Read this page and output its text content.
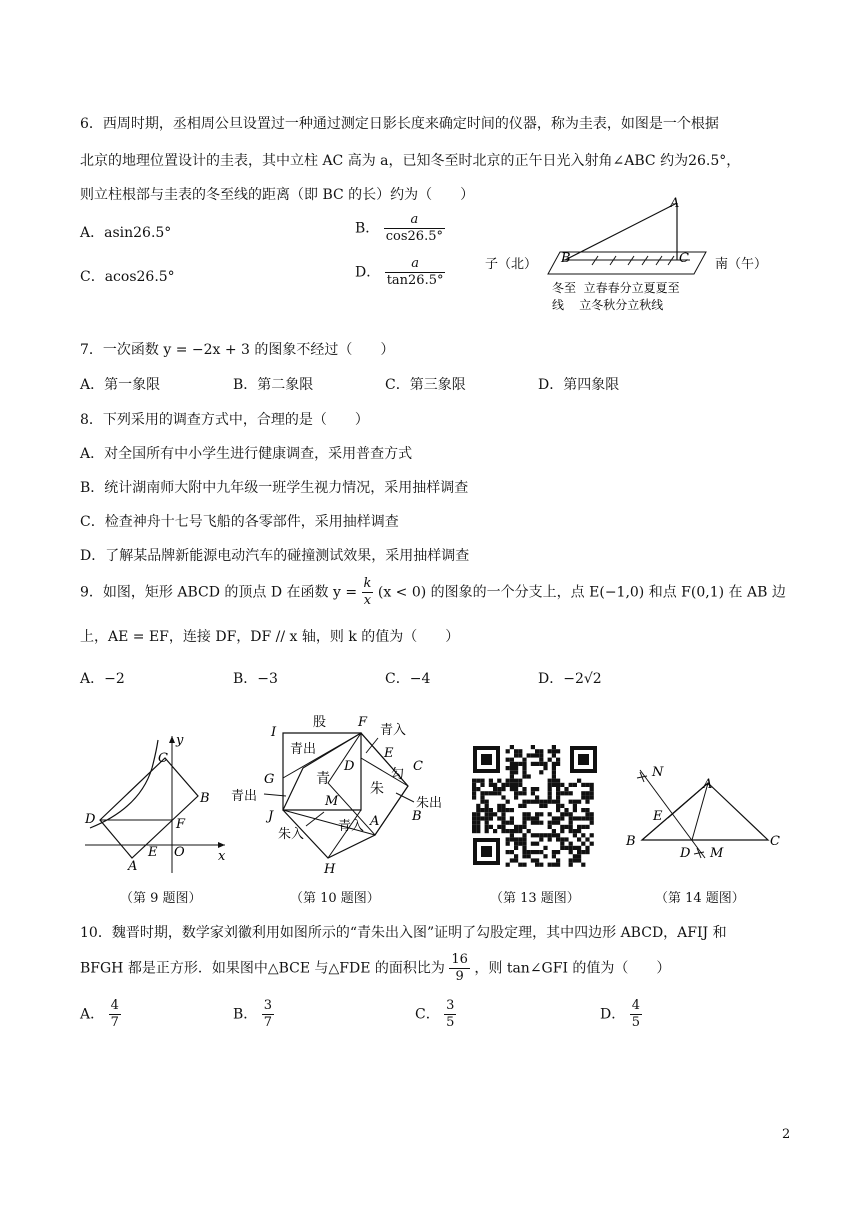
6．西周时期，丞相周公旦设置过一种通过测定日影长度来确定时间的仪器，称为圭表，如图是一个根据
北京的地理位置设计的圭表，其中立柱 AC 高为 a，已知冬至时北京的正午日光入射角∠ABC 约为26.5°，
则立柱根部与圭表的冬至线的距离（即 BC 的长）约为（　　）
A．asin26.5°	B． $\frac{a}{\cos 26.5^\circ}$
C．acos26.5°	D． $\frac{a}{\tan 26.5^\circ}$
A
B	C
子（北）	南（午）
冬至  立春春分立夏夏至
线    立冬秋分立秋线
7．一次函数 y = −2x + 3 的图象不经过（　　）
A．第一象限	B．第二象限	C．第三象限	D．第四象限
8．下列采用的调查方式中，合理的是（　　）
A．对全国所有中小学生进行健康调查，采用普查方式
B．统计湖南师大附中九年级一班学生视力情况，采用抽样调查
C．检查神舟十七号飞船的各零部件，采用抽样调查
D．了解某品牌新能源电动汽车的碰撞测试效果，采用抽样调查
9．如图，矩形 ABCD 的顶点 D 在函数 $y = \frac{k}{x} (x < 0)$ 的图象的一个分支上，点 E(−1,0) 和点 F(0,1) 在 AB 边
上，AE = EF，连接 DF，DF // x 轴，则 k 的值为（　　）
A．−2	B．−3	C．−4	D．−2√2
y
x
C
B
D	F
A
E O
（第 9 题图）
股
I
F
青入
E
C
青出
D
勾
G	青
朱
青出	M	朱出
J	B
朱入
青入 A
H
（第 10 题图）	（第 13 题图）
N
A
E
B
D M
C
（第 14 题图）
10．魏晋时期，数学家刘徽利用如图所示的“青朱出入图”证明了勾股定理，其中四边形 ABCD，AFIJ 和
BFGH 都是正方形．如果图中△BCE 与△FDE 的面积比为 $\frac{16}{9}$ ，则 tan∠GFI 的值为（　　）
A． $\frac{4}{7}$	B． $\frac{3}{7}$	C． $\frac{3}{5}$	D． $\frac{4}{5}$
2
